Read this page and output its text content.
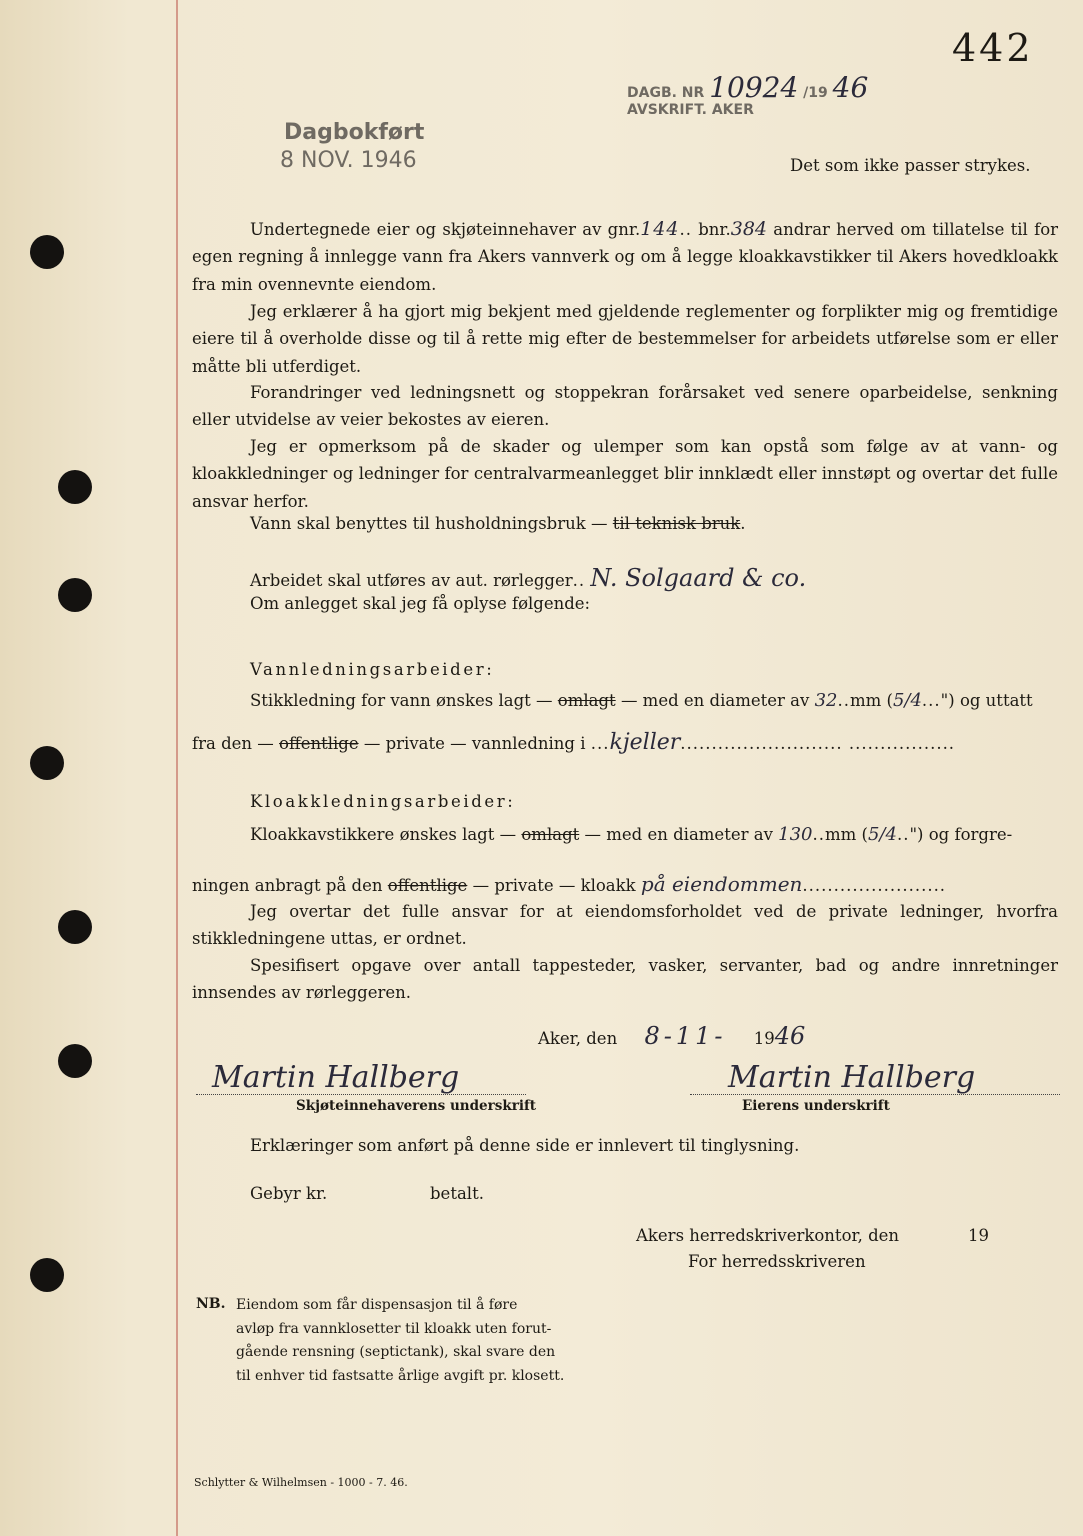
442
DAGB. NR 10924 /19 46
AVSKRIFT. AKER
Dagbokført
8 NOV. 1946	Det som ikke passer strykes.
Undertegnede eier og skjøteinnehaver av gnr.144.. bnr.384 andrar herved om tillatelse til for egen regning å innlegge vann fra Akers vannverk og om å legge kloakkavstikker til Akers hovedkloakk fra min ovennevnte eiendom.
Jeg erklærer å ha gjort mig bekjent med gjeldende reglementer og forplikter mig og fremtidige eiere til å overholde disse og til å rette mig efter de bestemmelser for arbeidets utførelse som er eller måtte bli utferdiget.
Forandringer ved ledningsnett og stoppekran forårsaket ved senere oparbeidelse, senkning eller utvidelse av veier bekostes av eieren.
Jeg er opmerksom på de skader og ulemper som kan opstå som følge av at vann- og kloakkledninger og ledninger for centralvarmeanlegget blir innklædt eller innstøpt og overtar det fulle ansvar herfor.
Vann skal benyttes til husholdningsbruk — til teknisk bruk.
Arbeidet skal utføres av aut. rørlegger.. N. Solgaard & co.
Om anlegget skal jeg få oplyse følgende:
Vannledningsarbeider:
Stikkledning for vann ønskes lagt — omlagt — med en diameter av 32..mm (5/4...") og uttatt
fra den — offentlige — private — vannledning i ...kjeller.......................... .................
Kloakkledningsarbeider:
Kloakkavstikkere ønskes lagt — omlagt — med en diameter av 130..mm (5/4..") og forgre-
ningen anbragt på den offentlige — private — kloakk på eiendommen.......................
Jeg overtar det fulle ansvar for at eiendomsforholdet ved de private ledninger, hvorfra stikkledningene uttas, er ordnet.
Spesifisert opgave over antall tappesteder, vasker, servanter, bad og andre innretninger innsendes av rørleggeren.
Aker, den 8-11- 1946
Martin Hallberg
Skjøteinnehaverens underskrift
Martin Hallberg
Eierens underskrift
Erklæringer som anført på denne side er innlevert til tinglysning.
Gebyr kr.	betalt.
Akers herredskriverkontor, den	19
For herredsskriveren
NB. Eiendom som får dispensasjon til å føre
avløp fra vannklosetter til kloakk uten forut-
gående rensning (septictank), skal svare den
til enhver tid fastsatte årlige avgift pr. klosett.
Schlytter & Wilhelmsen - 1000 - 7. 46.
